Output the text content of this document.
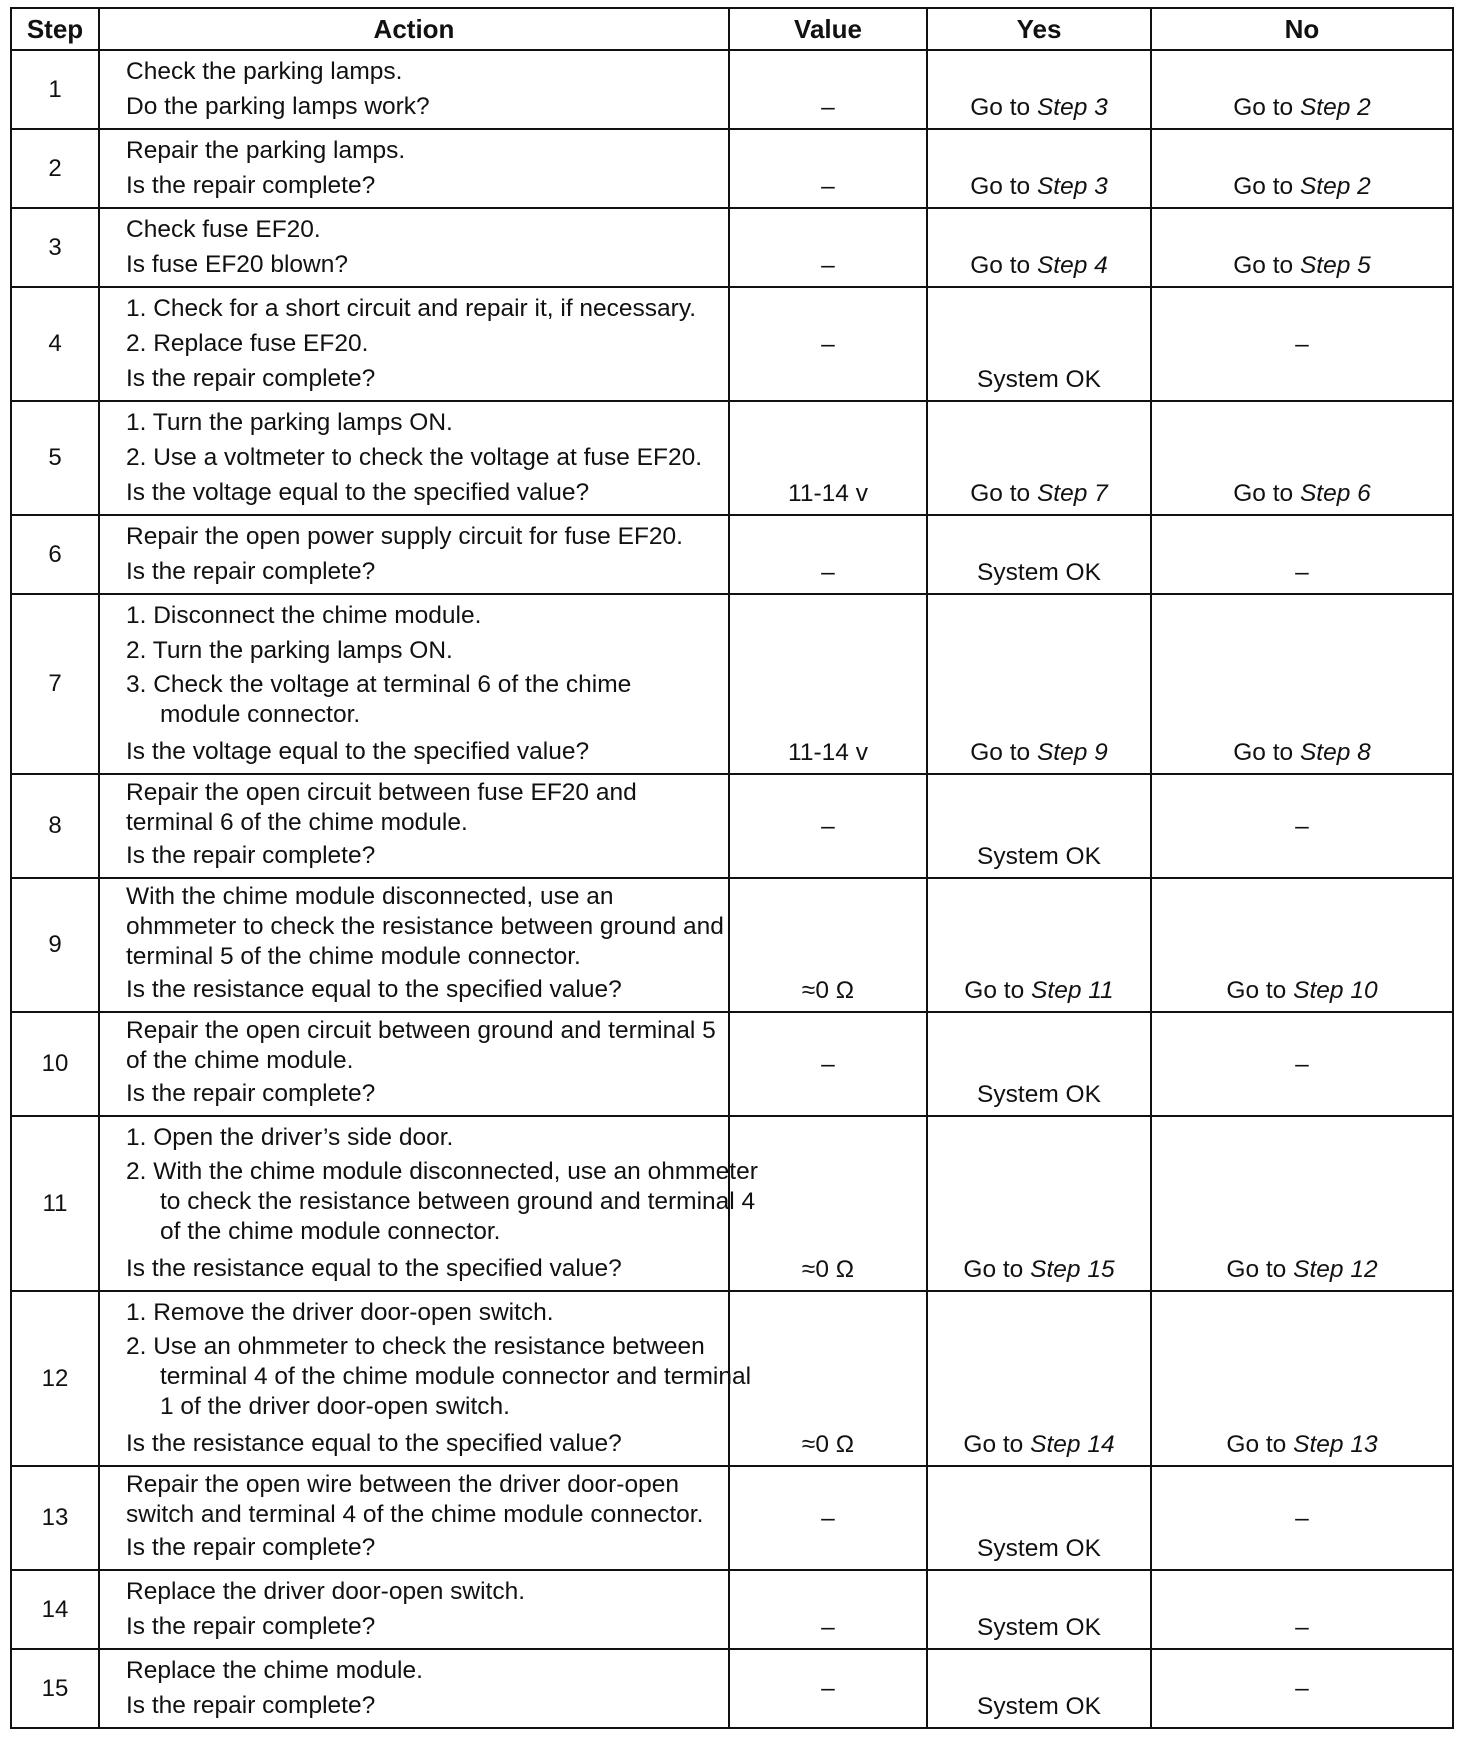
Step	Action	Value	Yes	No
1	Check the parking lamps.
Do the parking lamps work?	–	Go to Step 3	Go to Step 2
2	Repair the parking lamps.
Is the repair complete?	–	Go to Step 3	Go to Step 2
3	Check fuse EF20.
Is fuse EF20 blown?	–	Go to Step 4	Go to Step 5
4	1. Check for a short circuit and repair it, if necessary.
2. Replace fuse EF20.
Is the repair complete?	–	System OK	–
5	1. Turn the parking lamps ON.
2. Use a voltmeter to check the voltage at fuse EF20.
Is the voltage equal to the specified value?	11-14 v	Go to Step 7	Go to Step 6
6	Repair the open power supply circuit for fuse EF20.
Is the repair complete?	–	System OK	–
7	1. Disconnect the chime module.
2. Turn the parking lamps ON.
3. Check the voltage at terminal 6 of the chime module connector.
Is the voltage equal to the specified value?	11-14 v	Go to Step 9	Go to Step 8
8	Repair the open circuit between fuse EF20 and terminal 6 of the chime module.
Is the repair complete?	–	System OK	–
9	With the chime module disconnected, use an ohmmeter to check the resistance between ground and terminal 5 of the chime module connector.
Is the resistance equal to the specified value?	≈0 Ω	Go to Step 11	Go to Step 10
10	Repair the open circuit between ground and terminal 5 of the chime module.
Is the repair complete?	–	System OK	–
11	1. Open the driver’s side door.
2. With the chime module disconnected, use an ohmmeter to check the resistance between ground and terminal 4 of the chime module connector.
Is the resistance equal to the specified value?	≈0 Ω	Go to Step 15	Go to Step 12
12	1. Remove the driver door-open switch.
2. Use an ohmmeter to check the resistance between terminal 4 of the chime module connector and terminal 1 of the driver door-open switch.
Is the resistance equal to the specified value?	≈0 Ω	Go to Step 14	Go to Step 13
13	Repair the open wire between the driver door-open switch and terminal 4 of the chime module connector.
Is the repair complete?	–	System OK	–
14	Replace the driver door-open switch.
Is the repair complete?	–	System OK	–
15	Replace the chime module.
Is the repair complete?	–	System OK	–
